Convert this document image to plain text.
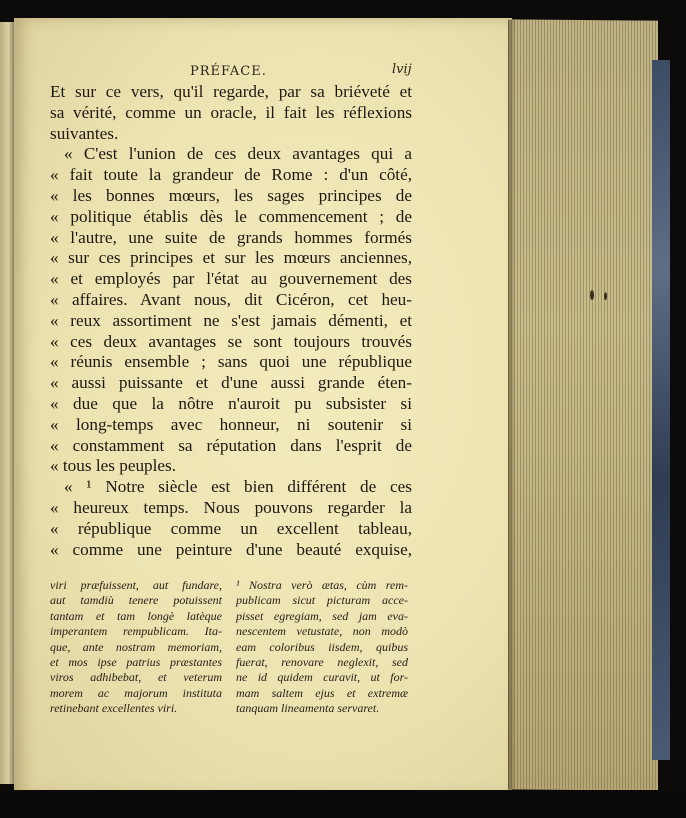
PRÉFACE.	lvij
Et sur ce vers, qu'il regarde, par sa briéveté et
sa vérité, comme un oracle, il fait les réflexions
suivantes.
« C'est l'union de ces deux avantages qui a
« fait toute la grandeur de Rome : d'un côté,
« les bonnes mœurs, les sages principes de
« politique établis dès le commencement ; de
« l'autre, une suite de grands hommes formés
« sur ces principes et sur les mœurs anciennes,
« et employés par l'état au gouvernement des
« affaires. Avant nous, dit Cicéron, cet heu-
« reux assortiment ne s'est jamais démenti, et
« ces deux avantages se sont toujours trouvés
« réunis ensemble ; sans quoi une république
« aussi puissante et d'une aussi grande éten-
« due que la nôtre n'auroit pu subsister si
« long-temps avec honneur, ni soutenir si
« constamment sa réputation dans l'esprit de
« tous les peuples.
« ¹ Notre siècle est bien différent de ces
« heureux temps. Nous pouvons regarder la
« république comme un excellent tableau,
« comme une peinture d'une beauté exquise,
viri præfuissent, aut fundare,
aut tamdiù tenere potuissent
tantam et tam longè latèque
imperantem rempublicam. Ita-
que, ante nostram memoriam,
et mos ipse patrius præstantes
viros adhibebat, et veterum
morem ac majorum instituta
retinebant excellentes viri.
¹ Nostra verò ætas, cùm rem-
publicam sicut picturam acce-
pisset egregiam, sed jam eva-
nescentem vetustate, non modò
eam coloribus iisdem, quibus
fuerat, renovare neglexit, sed
ne id quidem curavit, ut for-
mam saltem ejus et extremæ
tanquam lineamenta servaret.
